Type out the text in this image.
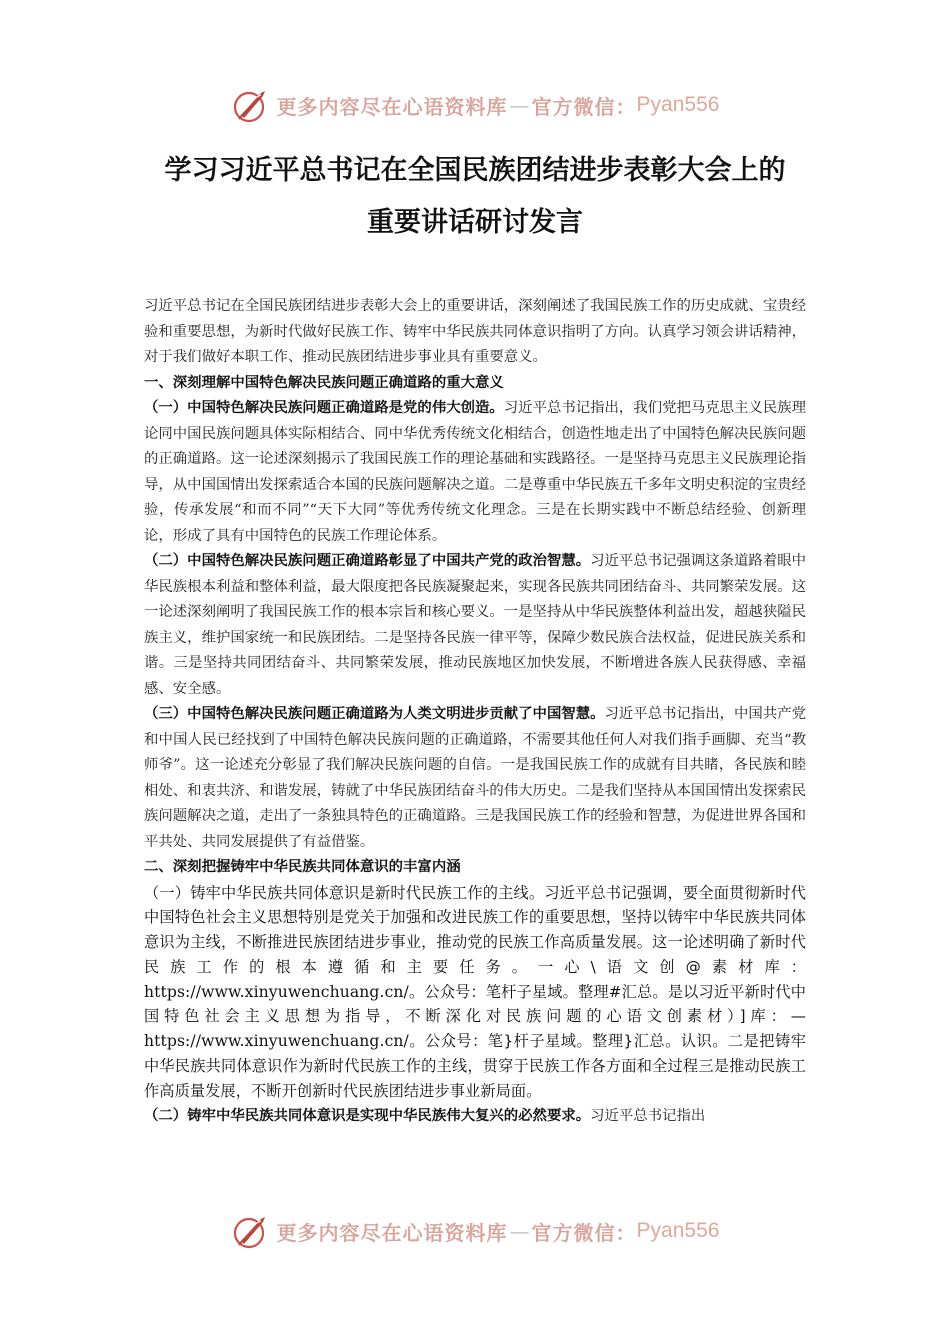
更多内容尽在心语资料库 — 官方微信： Pyan556
学习习近平总书记在全国民族团结进步表彰大会上的
重要讲话研讨发言

习近平总书记在全国民族团结进步表彰大会上的重要讲话，深刻阐述了我国民族工作的历史成就、宝贵经验和重要思想，为新时代做好民族工作、铸牢中华民族共同体意识指明了方向。认真学习领会讲话精神，对于我们做好本职工作、推动民族团结进步事业具有重要意义。

一、深刻理解中国特色解决民族问题正确道路的重大意义

（一）中国特色解决民族问题正确道路是党的伟大创造。习近平总书记指出，我们党把马克思主义民族理论同中国民族问题具体实际相结合、同中华优秀传统文化相结合，创造性地走出了中国特色解决民族问题的正确道路。这一论述深刻揭示了我国民族工作的理论基础和实践路径。一是坚持马克思主义民族理论指导，从中国国情出发探索适合本国的民族问题解决之道。二是尊重中华民族五千多年文明史积淀的宝贵经验，传承发展“和而不同”“天下大同”等优秀传统文化理念。三是在长期实践中不断总结经验、创新理论，形成了具有中国特色的民族工作理论体系。

（二）中国特色解决民族问题正确道路彰显了中国共产党的政治智慧。习近平总书记强调这条道路着眼中华民族根本利益和整体利益，最大限度把各民族凝聚起来，实现各民族共同团结奋斗、共同繁荣发展。这一论述深刻阐明了我国民族工作的根本宗旨和核心要义。一是坚持从中华民族整体利益出发，超越狭隘民族主义，维护国家统一和民族团结。二是坚持各民族一律平等，保障少数民族合法权益，促进民族关系和谐。三是坚持共同团结奋斗、共同繁荣发展，推动民族地区加快发展，不断增进各族人民获得感、幸福感、安全感。

（三）中国特色解决民族问题正确道路为人类文明进步贡献了中国智慧。习近平总书记指出，中国共产党和中国人民已经找到了中国特色解决民族问题的正确道路，不需要其他任何人对我们指手画脚、充当“教师爷”。这一论述充分彰显了我们解决民族问题的自信。一是我国民族工作的成就有目共睹，各民族和睦相处、和衷共济、和谐发展，铸就了中华民族团结奋斗的伟大历史。二是我们坚持从本国国情出发探索民族问题解决之道，走出了一条独具特色的正确道路。三是我国民族工作的经验和智慧，为促进世界各国和平共处、共同发展提供了有益借鉴。

二、深刻把握铸牢中华民族共同体意识的丰富内涵

（一）铸牢中华民族共同体意识是新时代民族工作的主线。习近平总书记强调，要全面贯彻新时代中国特色社会主义思想特别是党关于加强和改进民族工作的重要思想，坚持以铸牢中华民族共同体意识为主线，不断推进民族团结进步事业，推动党的民族工作高质量发展。这一论述明确了新时代民族工作的根本遵循和主要任务。一心\语文创@素材库：https://www.xinyuwenchuang.cn/。公众号：笔杆子星域。整理#汇总。是以习近平新时代中国特色社会主义思想为指导，不断深化对民族问题的心语文创素材）]库：—https://www.xinyuwenchuang.cn/。公众号：笔}杆子星域。整理}汇总。认识。二是把铸牢中华民族共同体意识作为新时代民族工作的主线，贯穿于民族工作各方面和全过程三是推动民族工作高质量发展，不断开创新时代民族团结进步事业新局面。

（二）铸牢中华民族共同体意识是实现中华民族伟大复兴的必然要求。习近平总书记指出

更多内容尽在心语资料库 — 官方微信： Pyan556
